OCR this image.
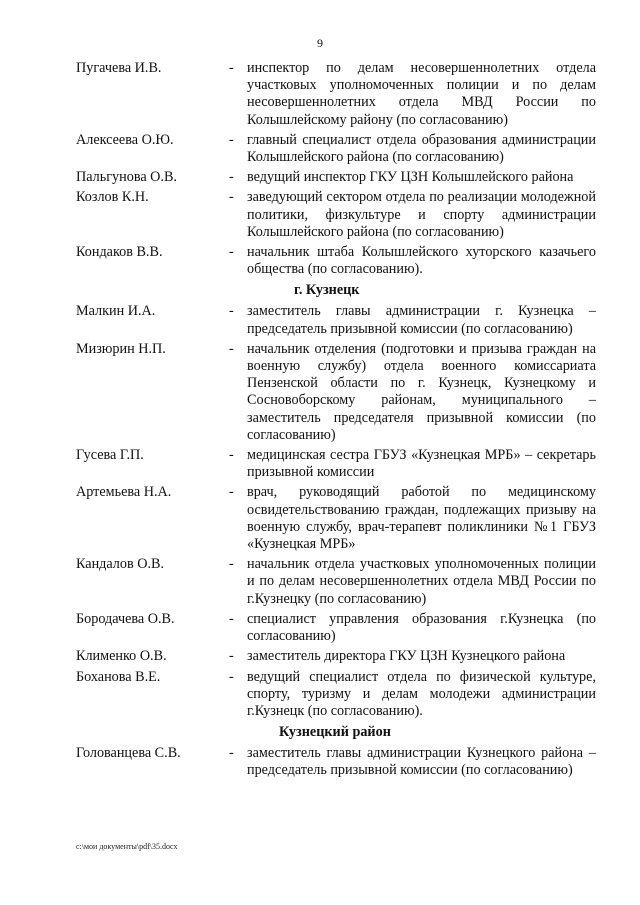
9
Пугачева И.В.	- инспектор по делам несовершеннолетних отдела участковых уполномоченных полиции и по делам несовершеннолетних отдела МВД России по Колышлейскому району (по согласованию)
Алексеева О.Ю.	- главный специалист отдела образования администрации Колышлейского района (по согласованию)
Пальгунова О.В.	- ведущий инспектор ГКУ ЦЗН Колышлейского района
Козлов К.Н.	- заведующий сектором отдела по реализации молодежной политики, физкультуре и спорту администрации Колышлейского района (по согласованию)
Кондаков В.В.	- начальник штаба Колышлейского хуторского казачьего общества (по согласованию).
г. Кузнецк
Малкин И.А.	- заместитель главы администрации г. Кузнецка – председатель призывной комиссии (по согласованию)
Мизюрин Н.П.	- начальник отделения (подготовки и призыва граждан на военную службу) отдела военного комиссариата Пензенской области по г. Кузнецк, Кузнецкому и Сосновоборскому районам, муниципального – заместитель председателя призывной комиссии (по согласованию)
Гусева Г.П.	- медицинская сестра ГБУЗ «Кузнецкая МРБ» – секретарь призывной комиссии
Артемьева Н.А.	- врач, руководящий работой по медицинскому освидетельствованию граждан, подлежащих призыву на военную службу, врач-терапевт поликлиники №1 ГБУЗ «Кузнецкая МРБ»
Кандалов О.В.	- начальник отдела участковых уполномоченных полиции и по делам несовершеннолетних отдела МВД России по г.Кузнецку (по согласованию)
Бородачева О.В.	- специалист управления образования г.Кузнецка (по согласованию)
Клименко О.В.	- заместитель директора ГКУ ЦЗН Кузнецкого района
Боханова В.Е.	- ведущий специалист отдела по физической культуре, спорту, туризму и делам молодежи администрации г.Кузнецк (по согласованию).
Кузнецкий район
Голованцева С.В.	- заместитель главы администрации Кузнецкого района – председатель призывной комиссии (по согласованию)
с:\мои документы\pdf\35.docx
